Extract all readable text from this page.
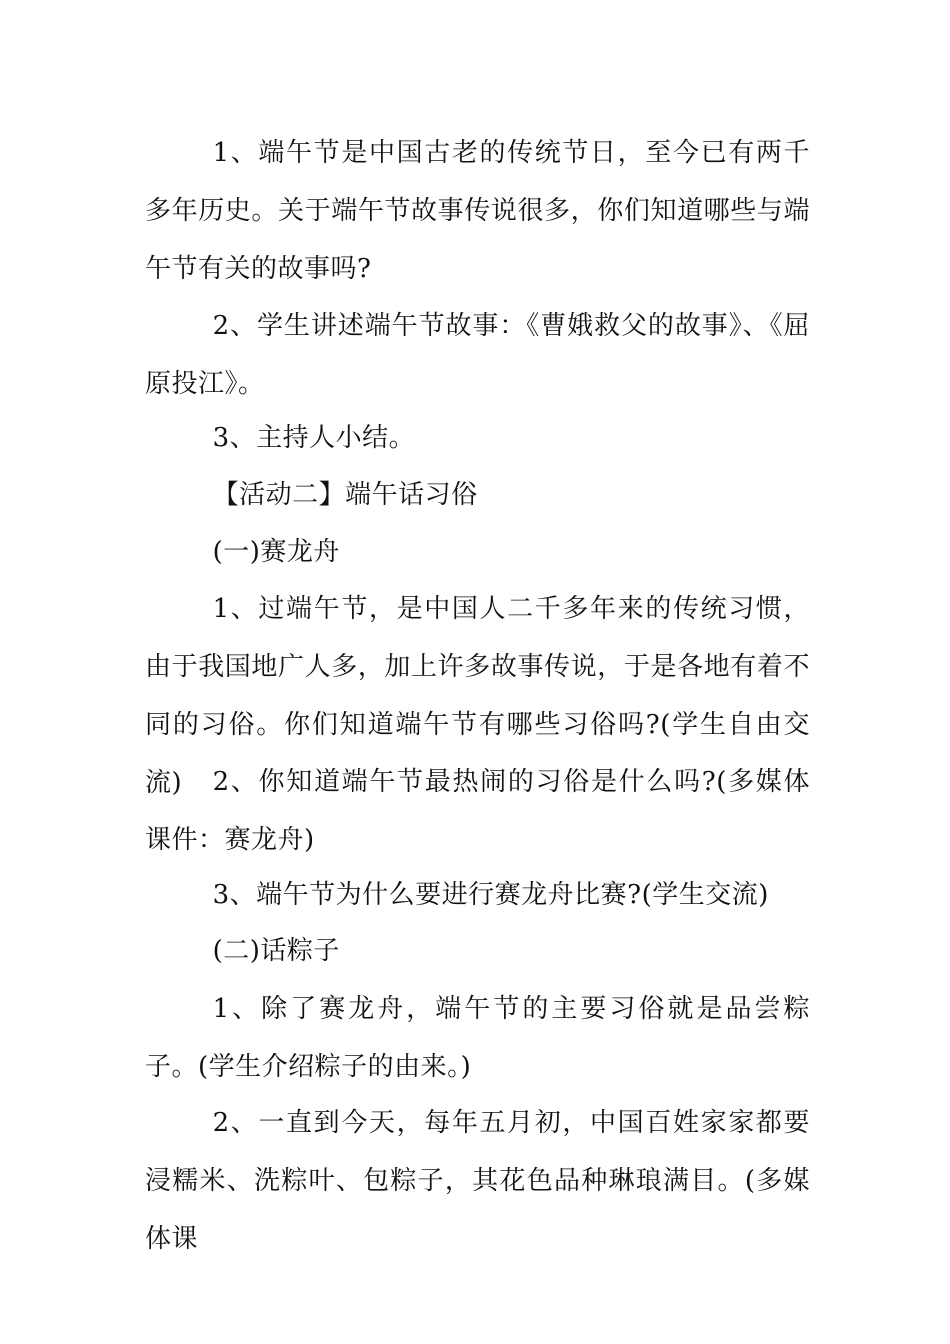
1、端午节是中国古老的传统节日，至今已有两千多年历史。关于端午节故事传说很多，你们知道哪些与端午节有关的故事吗?

2、学生讲述端午节故事：《曹娥救父的故事》、《屈原投江》。

3、主持人小结。

【活动二】端午话习俗

(一)赛龙舟

1、过端午节，是中国人二千多年来的传统习惯，由于我国地广人多，加上许多故事传说，于是各地有着不同的习俗。你们知道端午节有哪些习俗吗?(学生自由交流)	2、你知道端午节最热闹的习俗是什么吗?(多媒体课件：赛龙舟)

3、端午节为什么要进行赛龙舟比赛?(学生交流)

(二)话粽子

1、除了赛龙舟，端午节的主要习俗就是品尝粽子。(学生介绍粽子的由来。)

2、一直到今天，每年五月初，中国百姓家家都要浸糯米、洗粽叶、包粽子，其花色品种琳琅满目。(多媒体课
